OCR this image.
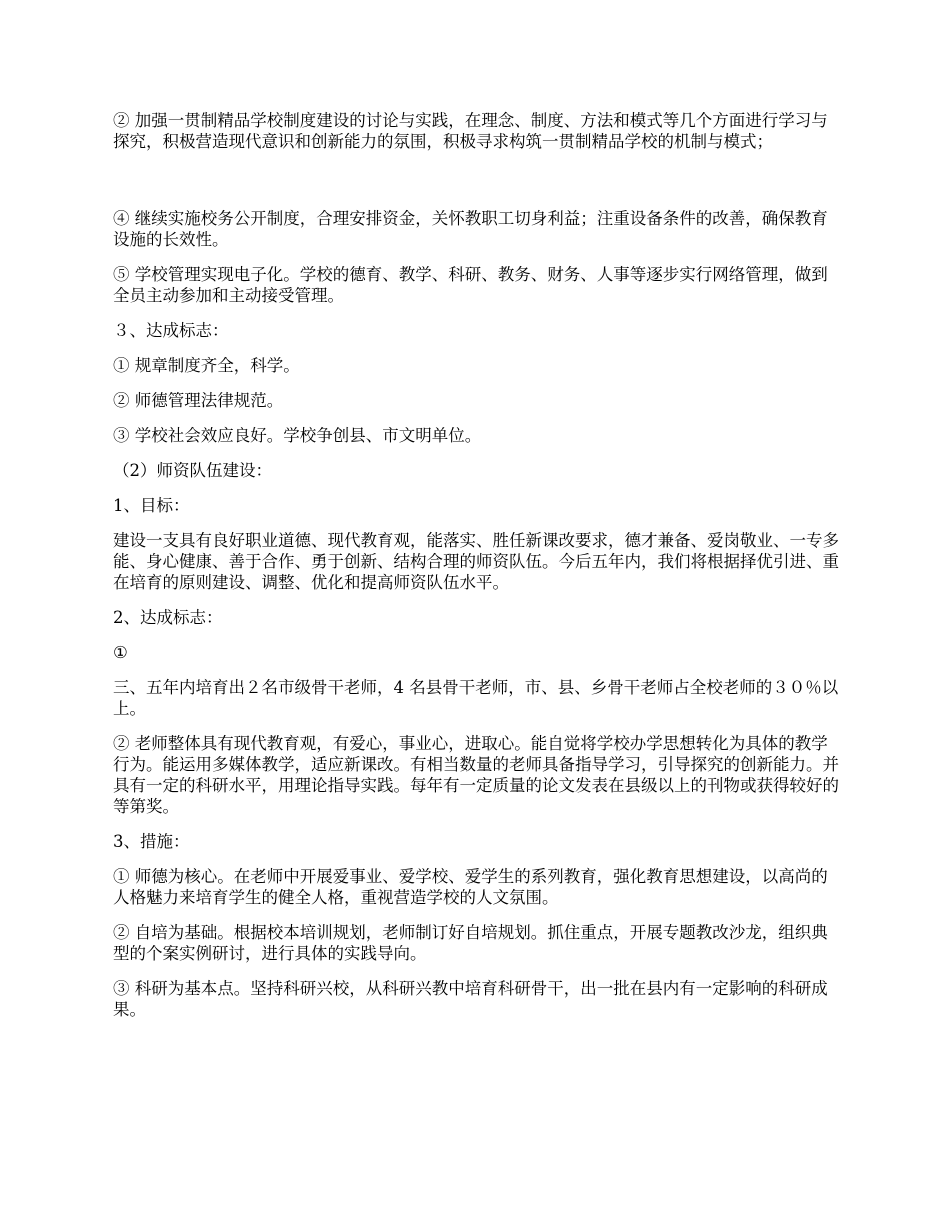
② 加强一贯制精品学校制度建设的讨论与实践，在理念、制度、方法和模式等几个方面进行学习与探究，积极营造现代意识和创新能力的氛围，积极寻求构筑一贯制精品学校的机制与模式；

④ 继续实施校务公开制度，合理安排资金，关怀教职工切身利益；注重设备条件的改善，确保教育设施的长效性。

⑤ 学校管理实现电子化。学校的德育、教学、科研、教务、财务、人事等逐步实行网络管理，做到全员主动参加和主动接受管理。

３、达成标志：

① 规章制度齐全，科学。

② 师德管理法律规范。

③ 学校社会效应良好。学校争创县、市文明单位。

（2）师资队伍建设：

1、目标：

建设一支具有良好职业道德、现代教育观，能落实、胜任新课改要求，德才兼备、爱岗敬业、一专多能、身心健康、善于合作、勇于创新、结构合理的师资队伍。今后五年内，我们将根据择优引进、重在培育的原则建设、调整、优化和提高师资队伍水平。

2、达成标志：

①

三、五年内培育出２名市级骨干老师，4 名县骨干老师，市、县、乡骨干老师占全校老师的３０％以上。

② 老师整体具有现代教育观，有爱心，事业心，进取心。能自觉将学校办学思想转化为具体的教学行为。能运用多媒体教学，适应新课改。有相当数量的老师具备指导学习，引导探究的创新能力。并具有一定的科研水平，用理论指导实践。每年有一定质量的论文发表在县级以上的刊物或获得较好的等第奖。

3、措施：

① 师德为核心。在老师中开展爱事业、爱学校、爱学生的系列教育，强化教育思想建设，以高尚的人格魅力来培育学生的健全人格，重视营造学校的人文氛围。

② 自培为基础。根据校本培训规划，老师制订好自培规划。抓住重点，开展专题教改沙龙，组织典型的个案实例研讨，进行具体的实践导向。

③ 科研为基本点。坚持科研兴校，从科研兴教中培育科研骨干，出一批在县内有一定影响的科研成果。
